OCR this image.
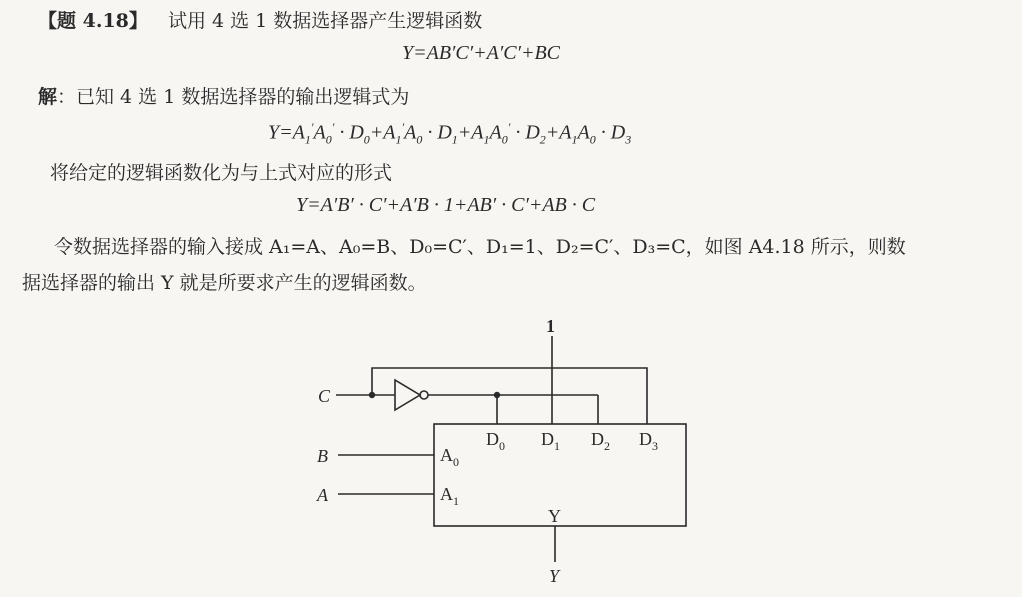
【题 4.18】 试用 4 选 1 数据选择器产生逻辑函数
Y=AB′C′+A′C′+BC
解：已知 4 选 1 数据选择器的输出逻辑式为
$Y=A_1'A_0' \cdot D_0+A_1'A_0 \cdot D_1+A_1A_0' \cdot D_2+A_1A_0 \cdot D_3$
将给定的逻辑函数化为与上式对应的形式
Y=A′B′ · C′+A′B · 1+AB′ · C′+AB · C
令数据选择器的输入接成 A₁=A、A₀=B、D₀=C′、D₁=1、D₂=C′、D₃=C，如图 A4.18 所示，则数
据选择器的输出 Y 就是所要求产生的逻辑函数。
C
B
A
1
$D_0$ $D_1$ $D_2$ $D_3$
$A_0$
$A_1$
Y
Y
